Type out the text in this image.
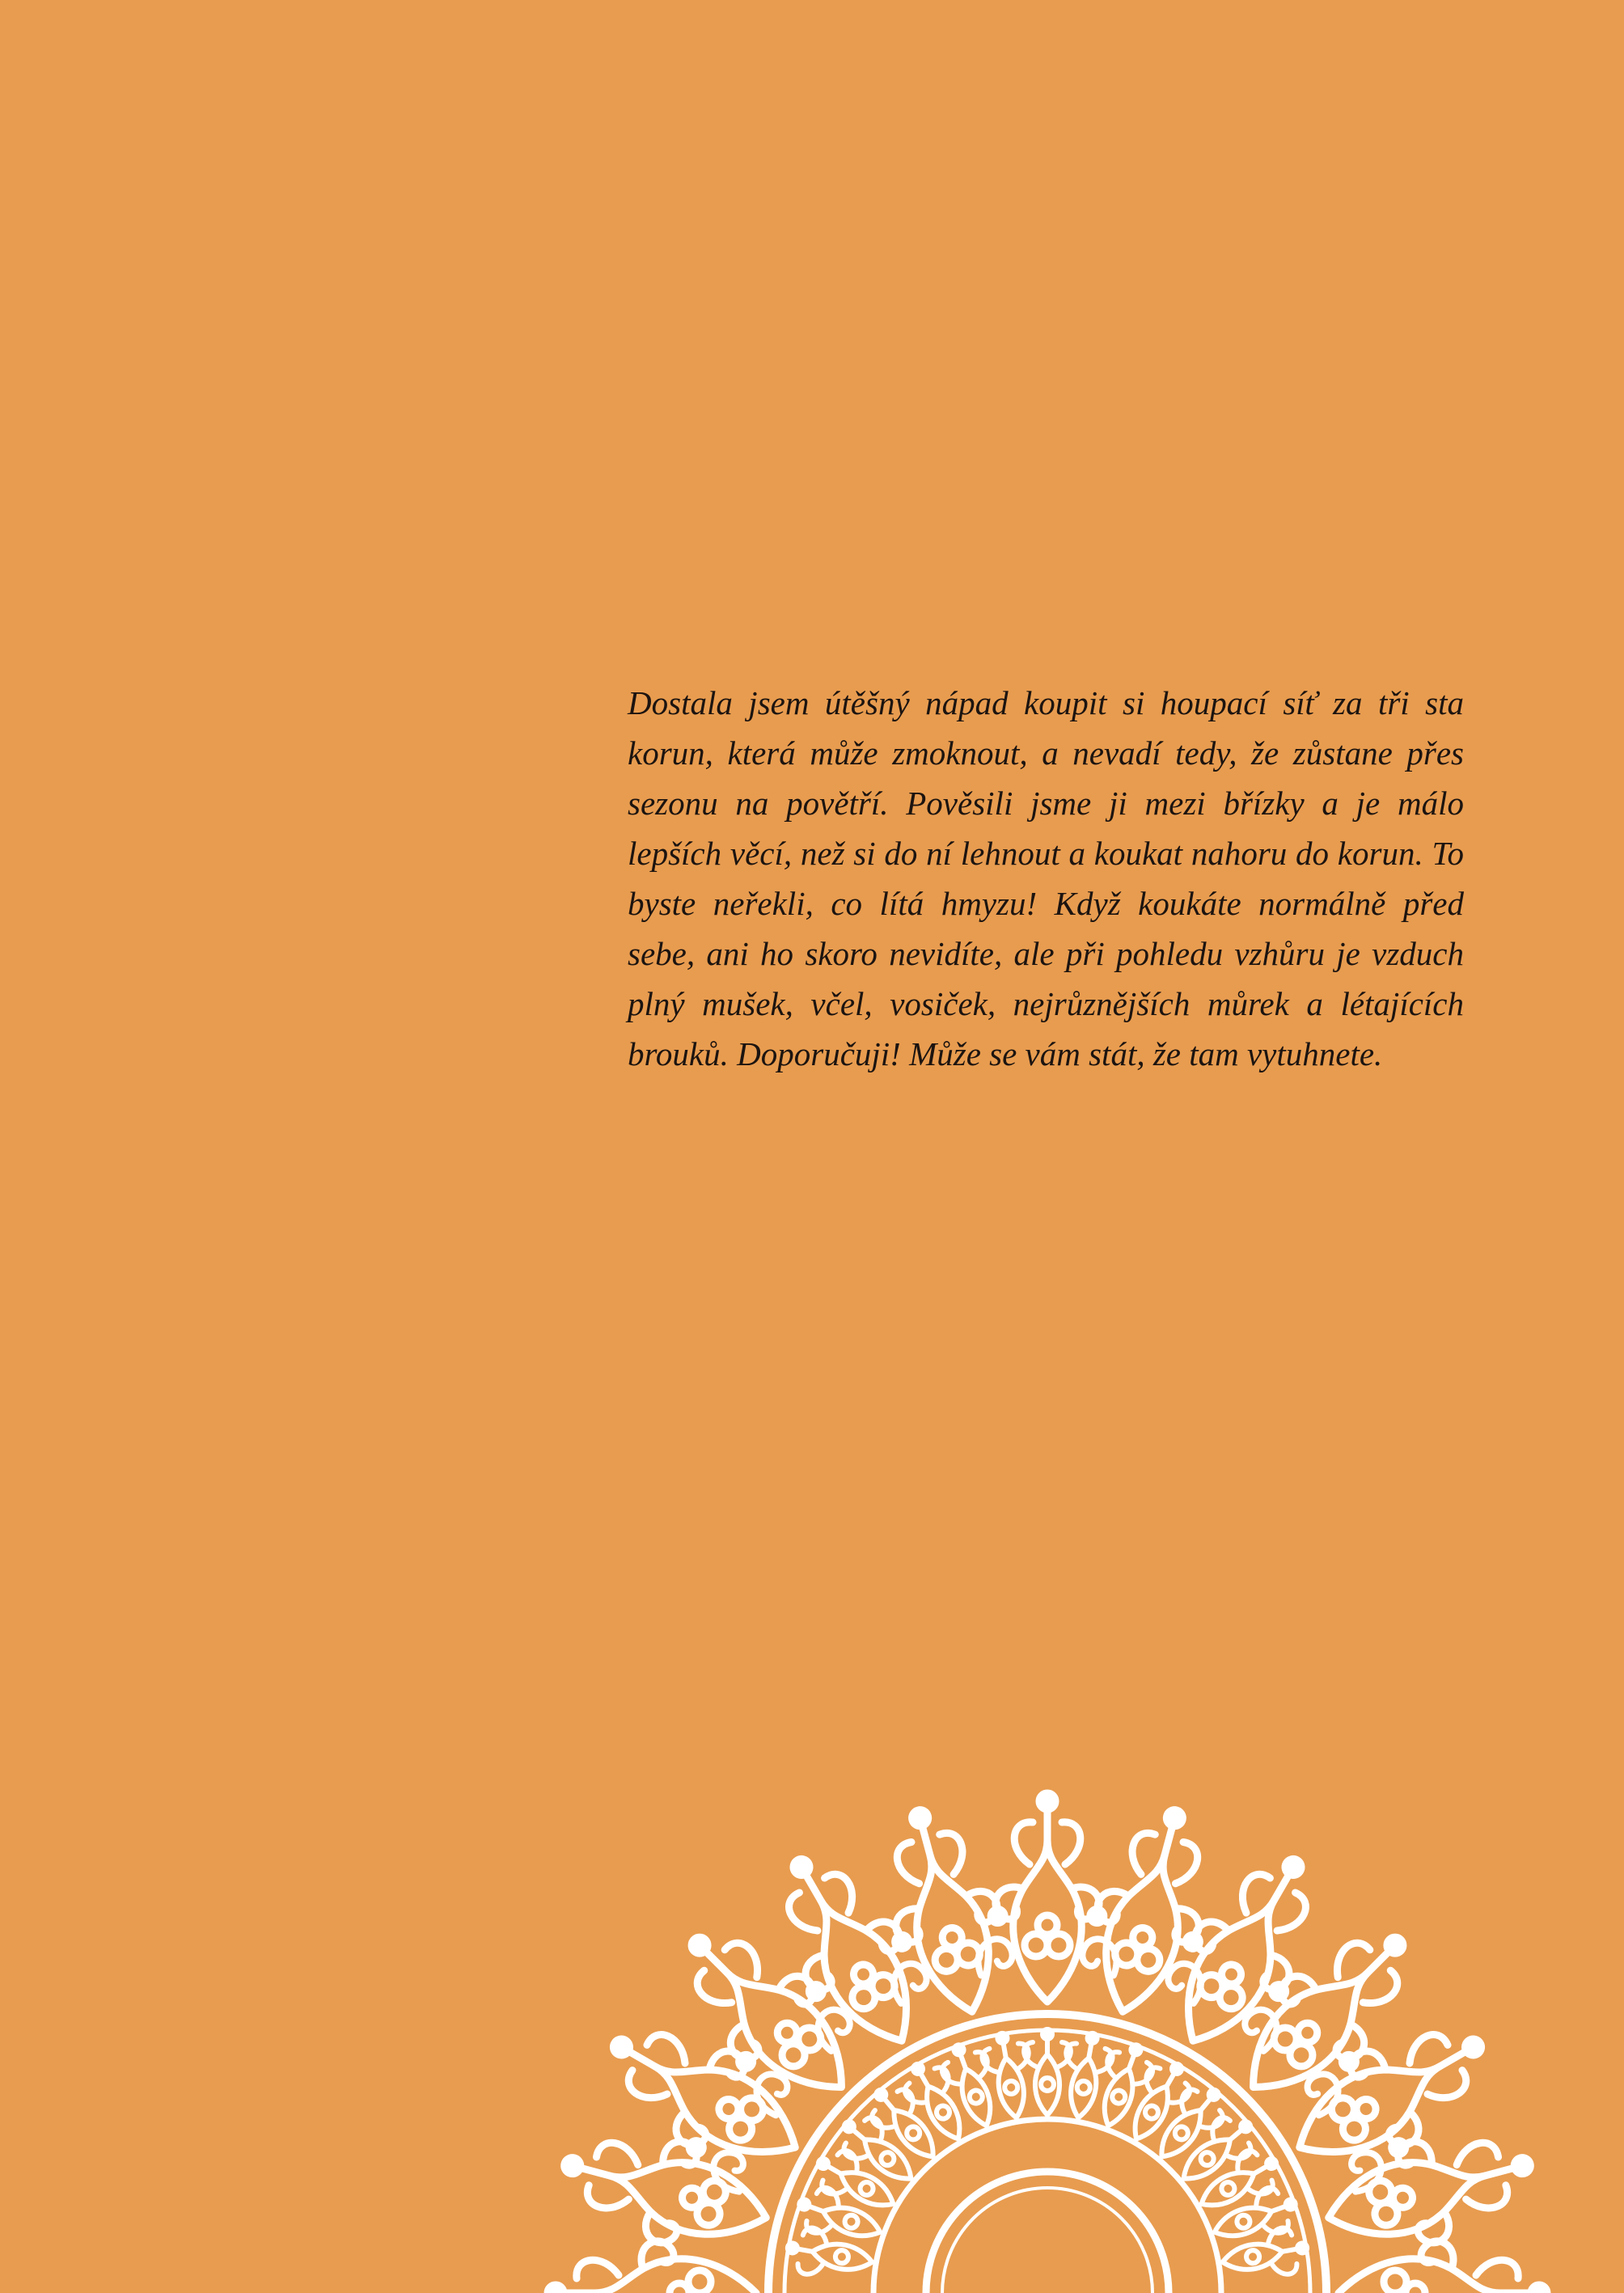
Dostala jsem útěšný nápad koupit si houpací síť za tři sta korun, která může zmoknout, a nevadí tedy, že zůstane přes sezonu na povětří. Pověsili jsme ji mezi břízky a je málo lepších věcí, než si do ní lehnout a koukat nahoru do korun. To byste neřekli, co lítá hmyzu! Když koukáte normálně před sebe, ani ho skoro nevidíte, ale při pohledu vzhůru je vzduch plný mušek, včel, vosiček, nejrůznějších můrek a létajících brouků. Doporučuji! Může se vám stát, že tam vytuhnete.
